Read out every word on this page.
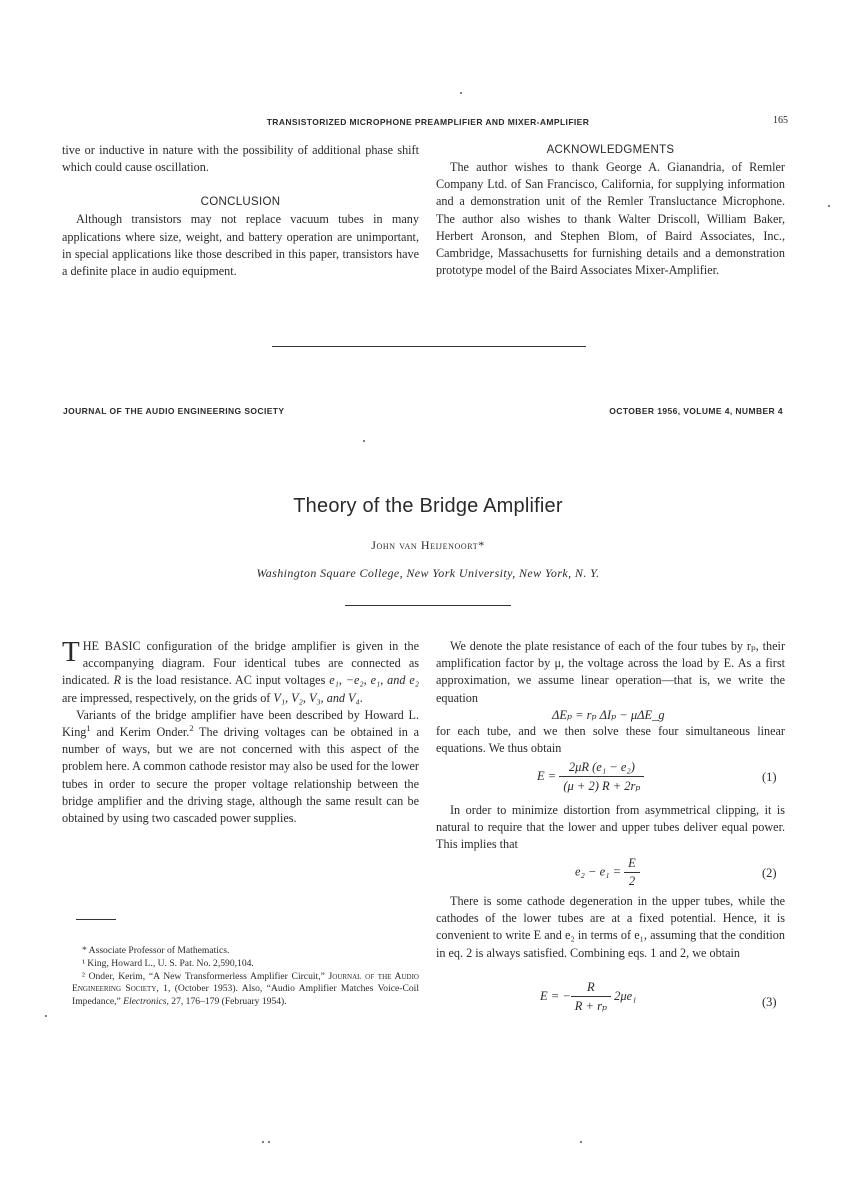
TRANSISTORIZED MICROPHONE PREAMPLIFIER AND MIXER-AMPLIFIER	165

tive or inductive in nature with the possibility of additional phase shift which could cause oscillation.

CONCLUSION

Although transistors may not replace vacuum tubes in many applications where size, weight, and battery operation are unimportant, in special applications like those described in this paper, transistors have a definite place in audio equipment.

ACKNOWLEDGMENTS

The author wishes to thank George A. Gianandria, of Remler Company Ltd. of San Francisco, California, for supplying information and a demonstration unit of the Remler Transluctance Microphone. The author also wishes to thank Walter Driscoll, William Baker, Herbert Aronson, and Stephen Blom, of Baird Associates, Inc., Cambridge, Massachusetts for furnishing details and a demonstration prototype model of the Baird Associates Mixer-Amplifier.

JOURNAL OF THE AUDIO ENGINEERING SOCIETY	OCTOBER 1956, VOLUME 4, NUMBER 4
Theory of the Bridge Amplifier
John van Heijenoort*
Washington Square College, New York University, New York, N. Y.

THE BASIC configuration of the bridge amplifier is given in the accompanying diagram. Four identical tubes are connected as indicated. R is the load resistance. AC input voltages e₁, −e₂, e₁, and e₂ are impressed, respectively, on the grids of V₁, V₂, V₃, and V₄.

Variants of the bridge amplifier have been described by Howard L. King$^1$ and Kerim Onder.$^2$ The driving voltages can be obtained in a number of ways, but we are not concerned with this aspect of the problem here. A common cathode resistor may also be used for the lower tubes in order to secure the proper voltage relationship between the bridge amplifier and the driving stage, although the same result can be obtained by using two cascaded power supplies.

* Associate Professor of Mathematics.
¹ King, Howard L., U. S. Pat. No. 2,590,104.
² Onder, Kerim, “A New Transformerless Amplifier Circuit,” Journal of the Audio Engineering Society, 1, (October 1953). Also, “Audio Amplifier Matches Voice-Coil Impedance,” Electronics, 27, 176–179 (February 1954).

We denote the plate resistance of each of the four tubes by rₚ, their amplification factor by μ, the voltage across the load by E. As a first approximation, we assume linear operation—that is, we write the equation

ΔEₚ = rₚ ΔIₚ − μΔE_g

for each tube, and we then solve these four simultaneous linear equations. We thus obtain

$E = \frac{\text{2μR (e₁ − e₂)}}{\text{(μ + 2) R + 2rₚ}}$	(1)

In order to minimize distortion from asymmetrical clipping, it is natural to require that the lower and upper tubes deliver equal power. This implies that

$e_2 - e_1 = \frac{E}{2}$	(2)

There is some cathode degeneration in the upper tubes, while the cathodes of the lower tubes are at a fixed potential. Hence, it is convenient to write E and e₂ in terms of e₁, assuming that the condition in eq. 2 is always satisfied. Combining eqs. 1 and 2, we obtain

E = − $\frac{R}{\text{R + rₚ}} 2\mu e_1$	(3)
